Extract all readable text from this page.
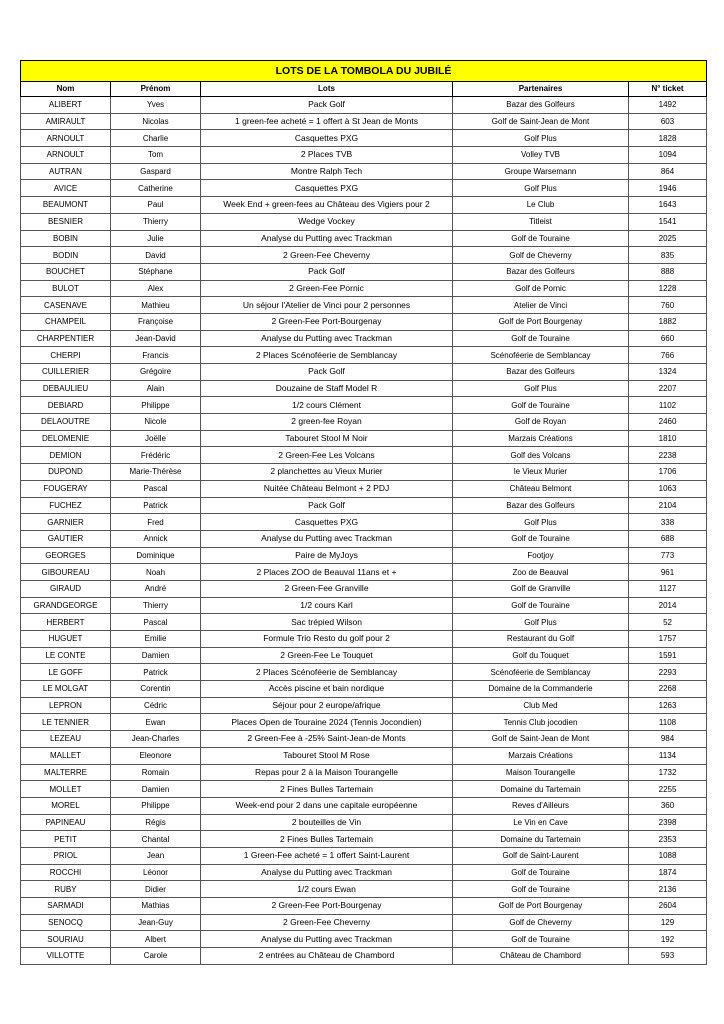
LOTS DE LA TOMBOLA DU JUBILÉ				
Nom	Prénom	Lots	Partenaires	N° ticket
ALIBERT	Yves	Pack Golf	Bazar des Golfeurs	1492
AMIRAULT	Nicolas	1 green-fee acheté = 1 offert à St Jean de Monts	Golf de Saint-Jean de Mont	603
ARNOULT	Charlie	Casquettes PXG	Golf Plus	1828
ARNOULT	Tom	2 Places TVB	Volley TVB	1094
AUTRAN	Gaspard	Montre Ralph Tech	Groupe Warsemann	864
AVICE	Catherine	Casquettes PXG	Golf Plus	1946
BEAUMONT	Paul	Week End + green-fees au Château des Vigiers pour 2	Le Club	1643
BESNIER	Thierry	Wedge Vockey	Titleist	1541
BOBIN	Julie	Analyse du Putting avec Trackman	Golf de Touraine	2025
BODIN	David	2 Green-Fee Cheverny	Golf de Cheverny	835
BOUCHET	Stéphane	Pack Golf	Bazar des Golfeurs	888
BULOT	Alex	2 Green-Fee Pornic	Golf de Pornic	1228
CASENAVE	Mathieu	Un séjour l'Atelier de Vinci pour 2 personnes	Atelier de Vinci	760
CHAMPEIL	Françoise	2 Green-Fee Port-Bourgenay	Golf de Port Bourgenay	1882
CHARPENTIER	Jean-David	Analyse du Putting avec Trackman	Golf de Touraine	660
CHERPI	Francis	2 Places Scénoféerie de Semblancay	Scénoféerie de Semblancay	766
CUILLERIER	Grégoire	Pack Golf	Bazar des Golfeurs	1324
DEBAULIEU	Alain	Douzaine de Staff Model R	Golf Plus	2207
DEBIARD	Philippe	1/2 cours Clément	Golf de Touraine	1102
DELAOUTRE	Nicole	2 green-fee Royan	Golf de Royan	2460
DELOMENIE	Joëlle	Tabouret Stool M Noir	Marzais Créations	1810
DEMION	Frédéric	2 Green-Fee Les Volcans	Golf des Volcans	2238
DUPOND	Marie-Thérèse	2 planchettes au Vieux Murier	le Vieux Murier	1706
FOUGERAY	Pascal	Nuitée Château Belmont + 2 PDJ	Château Belmont	1063
FUCHEZ	Patrick	Pack Golf	Bazar des Golfeurs	2104
GARNIER	Fred	Casquettes PXG	Golf Plus	338
GAUTIER	Annick	Analyse du Putting avec Trackman	Golf de Touraine	688
GEORGES	Dominique	Paire de MyJoys	Footjoy	773
GIBOUREAU	Noah	2 Places ZOO de Beauval 11ans et +	Zoo de Beauval	961
GIRAUD	André	2 Green-Fee Granville	Golf de Granville	1127
GRANDGEORGE	Thierry	1/2 cours Karl	Golf de Touraine	2014
HERBERT	Pascal	Sac trépied Wilson	Golf Plus	52
HUGUET	Emilie	Formule Trio Resto du golf pour 2	Restaurant du Golf	1757
LE CONTE	Damien	2 Green-Fee Le Touquet	Golf du Touquet	1591
LE GOFF	Patrick	2 Places Scénoféerie de Semblancay	Scénoféerie de Semblancay	2293
LE MOLGAT	Corentin	Accès piscine et bain nordique	Domaine de la Commanderie	2268
LEPRON	Cédric	Séjour pour 2 europe/afrique	Club Med	1263
LE TENNIER	Ewan	Places Open de Touraine 2024 (Tennis Jocondien)	Tennis Club jocodien	1108
LEZEAU	Jean-Charles	2 Green-Fee à -25% Saint-Jean-de Monts	Golf de Saint-Jean de Mont	984
MALLET	Eleonore	Tabouret Stool M Rose	Marzais Créations	1134
MALTERRE	Romain	Repas pour 2 à la Maison Tourangelle	Maison Tourangelle	1732
MOLLET	Damien	2 Fines Bulles Tartemain	Domaine du Tartemain	2255
MOREL	Philippe	Week-end pour 2 dans une capitale européenne	Reves d'Ailleurs	360
PAPINEAU	Régis	2 bouteilles de Vin	Le Vin en Cave	2398
PETIT	Chantal	2 Fines Bulles Tartemain	Domaine du Tartemain	2353
PRIOL	Jean	1 Green-Fee acheté = 1 offert Saint-Laurent	Golf de Saint-Laurent	1088
ROCCHI	Léonor	Analyse du Putting avec Trackman	Golf de Touraine	1874
RUBY	Didier	1/2 cours Ewan	Golf de Touraine	2136
SARMADI	Mathias	2 Green-Fee Port-Bourgenay	Golf de Port Bourgenay	2604
SENOCQ	Jean-Guy	2 Green-Fee Cheverny	Golf de Cheverny	129
SOURIAU	Albert	Analyse du Putting avec Trackman	Golf de Touraine	192
VILLOTTE	Carole	2 entrées au Château de Chambord	Château de Chambord	593
